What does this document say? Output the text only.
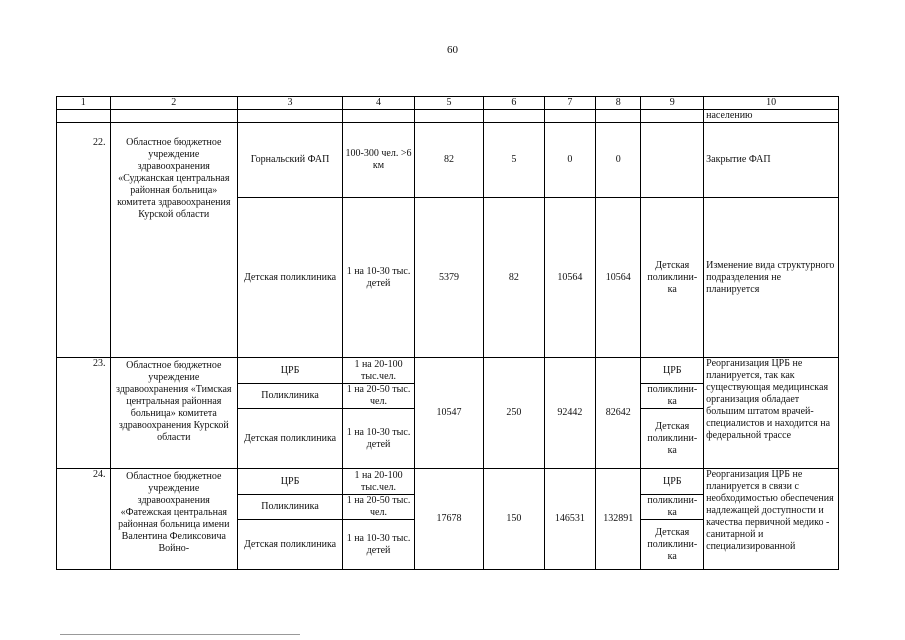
60
1	2	3	4	5	6	7	8	9	10
									населению
22.	Областное бюджетное учреждение здравоохранения «Суджанская центральная районная больница» комитета здравоохранения Курской области	Горнальский ФАП	100-300 чел. >6 км	82	5	0	0		Закрытие ФАП
		Детская поликлиника	1 на 10-30 тыс. детей	5379	82	10564	10564	Детская поликлини-ка	Изменение вида структурного подразделения не планируется
23.	Областное бюджетное учреждение здравоохранения «Тимская центральная районная больница» комитета здравоохранения Курской области	ЦРБ	1 на 20-100 тыс.чел.	10547	250	92442	82642	ЦРБ	Реорганизация ЦРБ не планируется, так как существующая медицинская организация обладает большим штатом врачей-специалистов и находится на федеральной трассе
		Поликлиника	1 на 20-50 тыс. чел.					поликлини-ка	
		Детская поликлиника	1 на 10-30 тыс. детей					Детская поликлини-ка	
24.	Областное бюджетное учреждение здравоохранения «Фатежская центральная районная больница имени Валентина Феликсовича Войно-	ЦРБ	1 на 20-100 тыс.чел.	17678	150	146531	132891	ЦРБ	Реорганизация ЦРБ не планируется в связи с необходимостью обеспечения надлежащей доступности и качества первичной медико - санитарной и специализированной
		Поликлиника	1 на 20-50 тыс. чел.					поликлини-ка	
		Детская поликлиника	1 на 10-30 тыс. детей					Детская поликлини-ка	
